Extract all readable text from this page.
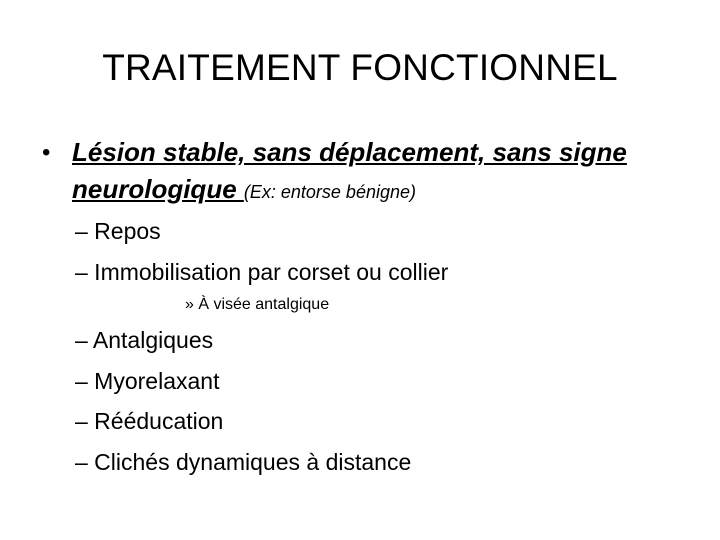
TRAITEMENT FONCTIONNEL
• Lésion stable, sans déplacement, sans signe neurologique (Ex: entorse bénigne)
– Repos
– Immobilisation par corset ou collier
» À visée antalgique
– Antalgiques
– Myorelaxant
– Rééducation
– Clichés dynamiques à distance
